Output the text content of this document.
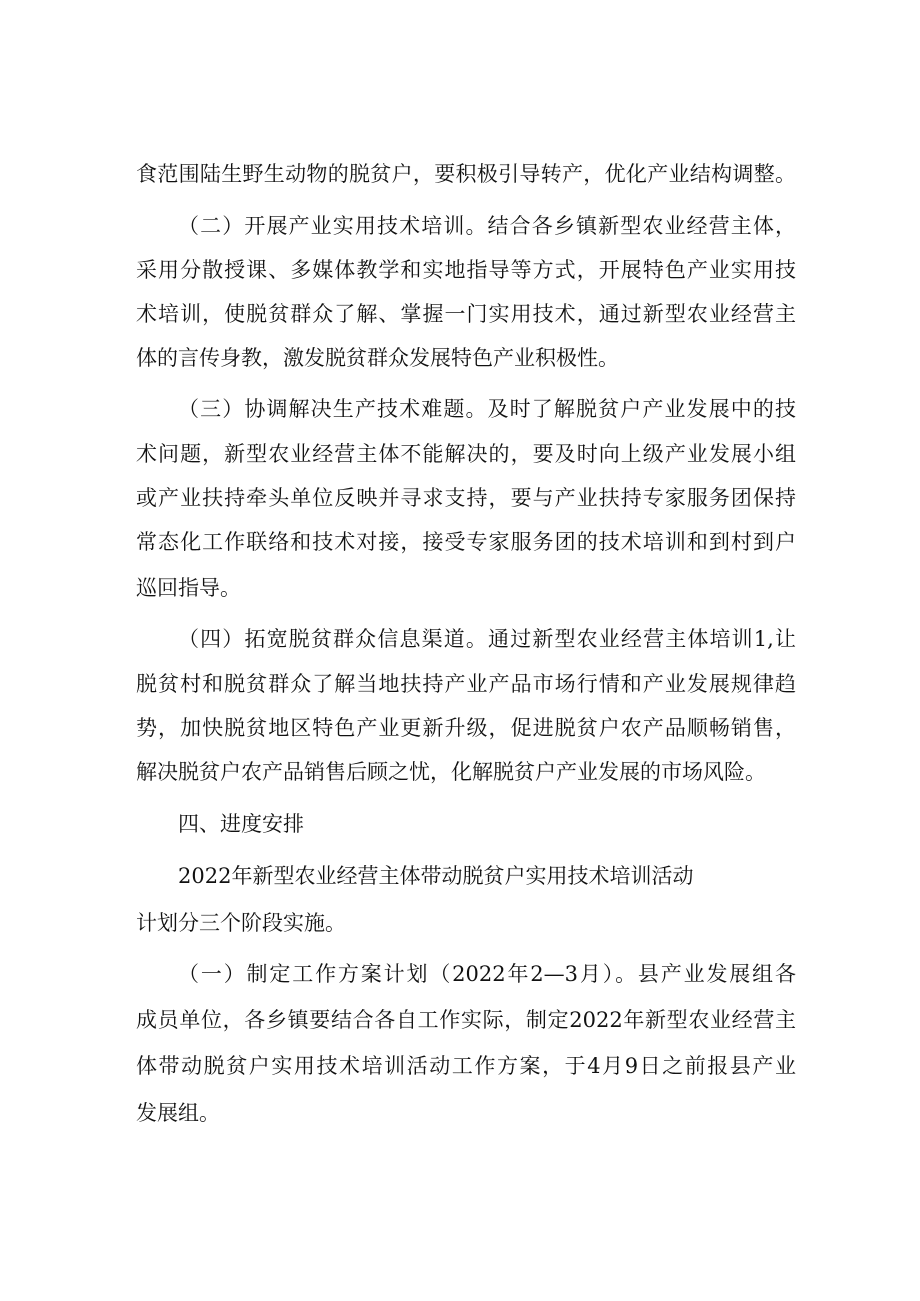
食范围陆生野生动物的脱贫户，要积极引导转产，优化产业结构调整。
（二）开展产业实用技术培训。结合各乡镇新型农业经营主体，
采用分散授课、多媒体教学和实地指导等方式，开展特色产业实用技
术培训，使脱贫群众了解、掌握一门实用技术，通过新型农业经营主
体的言传身教，激发脱贫群众发展特色产业积极性。
（三）协调解决生产技术难题。及时了解脱贫户产业发展中的技
术问题，新型农业经营主体不能解决的，要及时向上级产业发展小组
或产业扶持牵头单位反映并寻求支持，要与产业扶持专家服务团保持
常态化工作联络和技术对接，接受专家服务团的技术培训和到村到户
巡回指导。
（四）拓宽脱贫群众信息渠道。通过新型农业经营主体培训1,让
脱贫村和脱贫群众了解当地扶持产业产品市场行情和产业发展规律趋
势，加快脱贫地区特色产业更新升级，促进脱贫户农产品顺畅销售，
解决脱贫户农产品销售后顾之忧，化解脱贫户产业发展的市场风险。
四、进度安排
2022年新型农业经营主体带动脱贫户实用技术培训活动
计划分三个阶段实施。
（一）制定工作方案计划（2022年2—3月）。县产业发展组各
成员单位，各乡镇要结合各自工作实际，制定2022年新型农业经营主
体带动脱贫户实用技术培训活动工作方案，于4月9日之前报县产业
发展组。
